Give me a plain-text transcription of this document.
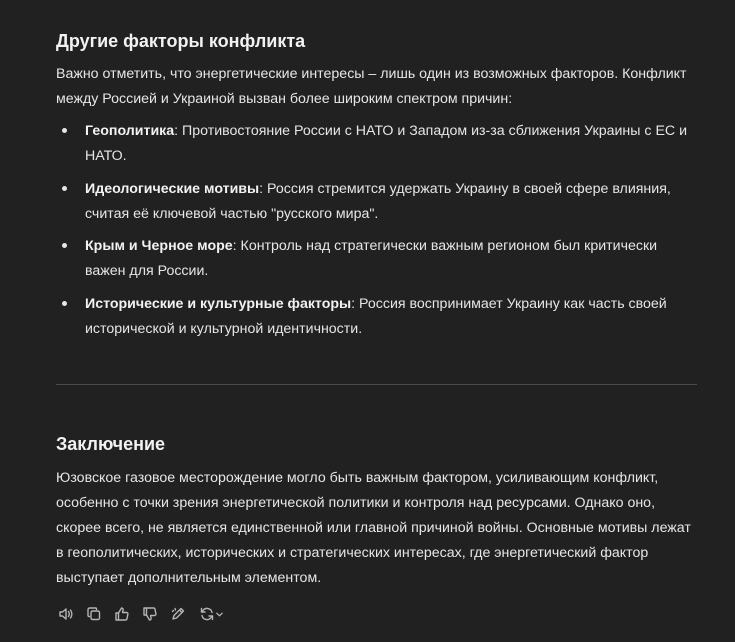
Другие факторы конфликта

Важно отметить, что энергетические интересы – лишь один из возможных факторов. Конфликт между Россией и Украиной вызван более широким спектром причин:

Геополитика: Противостояние России с НАТО и Западом из-за сближения Украины с ЕС и НАТО.
Идеологические мотивы: Россия стремится удержать Украину в своей сфере влияния, считая её ключевой частью "русского мира".
Крым и Черное море: Контроль над стратегически важным регионом был критически важен для России.
Исторические и культурные факторы: Россия воспринимает Украину как часть своей исторической и культурной идентичности.
Заключение

Юзовское газовое месторождение могло быть важным фактором, усиливающим конфликт, особенно с точки зрения энергетической политики и контроля над ресурсами. Однако оно, скорее всего, не является единственной или главной причиной войны. Основные мотивы лежат в геополитических, исторических и стратегических интересах, где энергетический фактор выступает дополнительным элементом.
